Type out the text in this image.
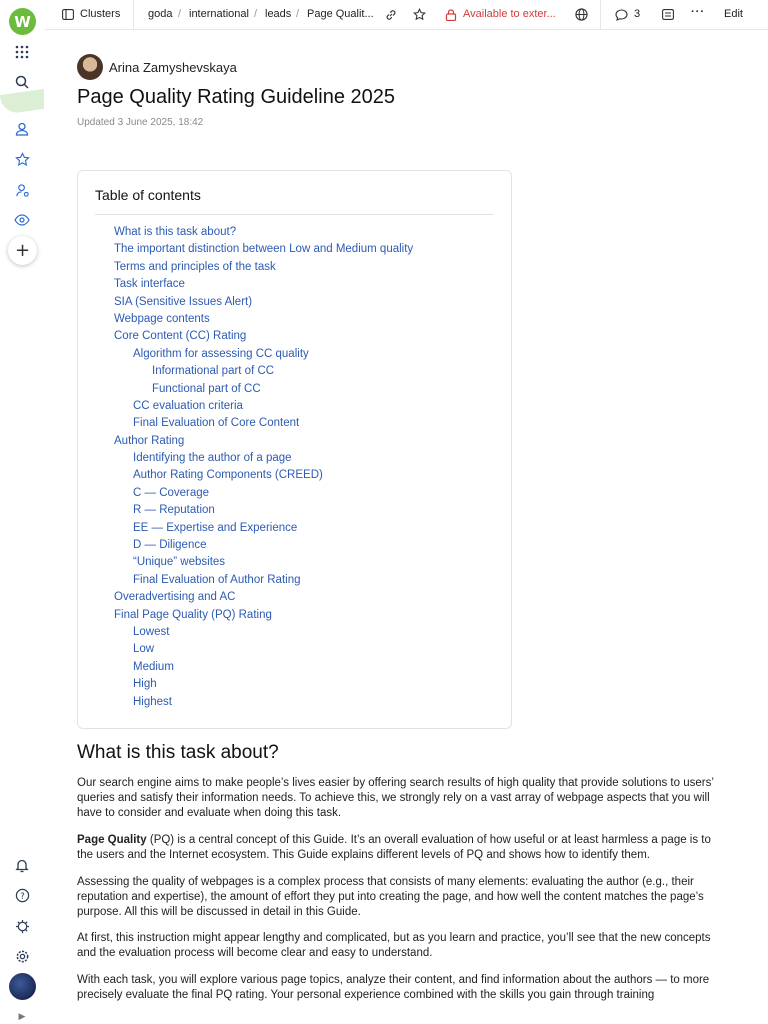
W
+
?
▶
Clusters	goda / international / leads / Page Qualit...	Available to exter...	3	··· Edit
Arina Zamyshevskaya
Page Quality Rating Guideline 2025
Updated 3 June 2025, 18:42
Table of contents
What is this task about?
The important distinction between Low and Medium quality
Terms and principles of the task
Task interface
SIA (Sensitive Issues Alert)
Webpage contents
Core Content (CC) Rating
Algorithm for assessing CC quality
Informational part of CC
Functional part of CC
CC evaluation criteria
Final Evaluation of Core Content
Author Rating
Identifying the author of a page
Author Rating Components (CREED)
C — Coverage
R — Reputation
EE — Expertise and Experience
D — Diligence
“Unique” websites
Final Evaluation of Author Rating
Overadvertising and AC
Final Page Quality (PQ) Rating
Lowest
Low
Medium
High
Highest
What is this task about?

Our search engine aims to make people’s lives easier by offering search results of high quality that provide solutions to users’ queries and satisfy their information needs. To achieve this, we strongly rely on a vast array of webpage aspects that you will have to consider and evaluate when doing this task.

Page Quality (PQ) is a central concept of this Guide. It’s an overall evaluation of how useful or at least harmless a page is to the users and the Internet ecosystem. This Guide explains different levels of PQ and shows how to identify them.

Assessing the quality of webpages is a complex process that consists of many elements: evaluating the author (e.g., their reputation and expertise), the amount of effort they put into creating the page, and how well the content matches the page’s purpose. All this will be discussed in detail in this Guide.

At first, this instruction might appear lengthy and complicated, but as you learn and practice, you’ll see that the new concepts and the evaluation process will become clear and easy to understand.

With each task, you will explore various page topics, analyze their content, and find information about the authors — to more precisely evaluate the final PQ rating. Your personal experience combined with the skills you gain through training
